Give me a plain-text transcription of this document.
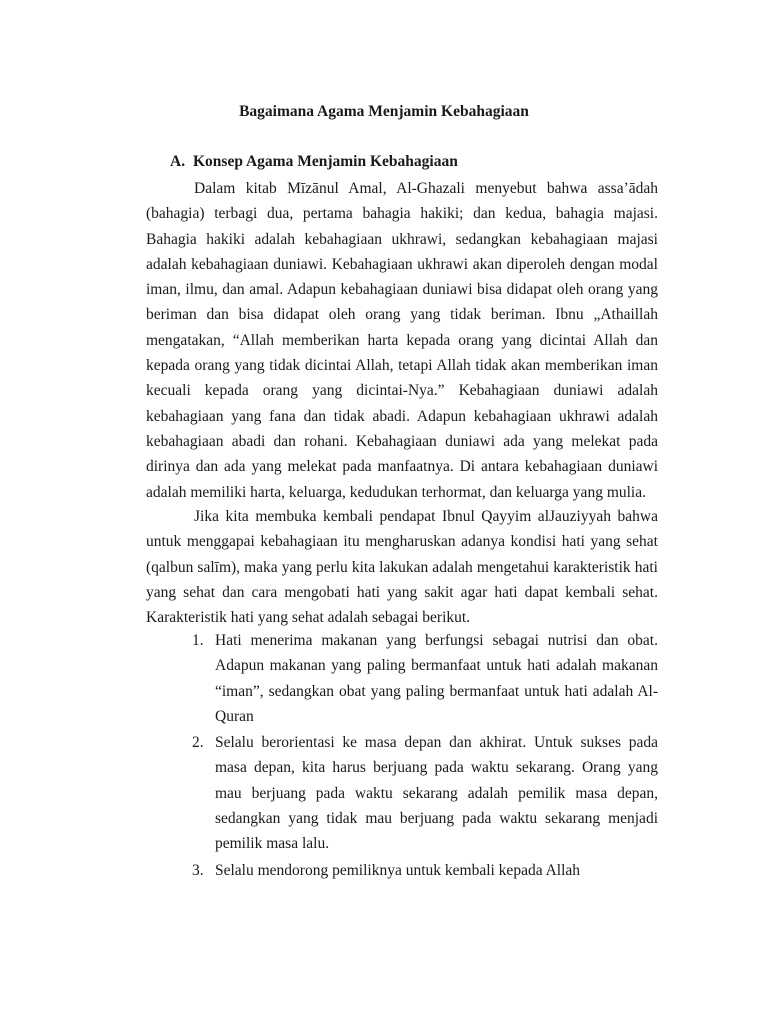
Bagaimana Agama Menjamin Kebahagiaan
A. Konsep Agama Menjamin Kebahagiaan

Dalam kitab Mīzānul Amal, Al-Ghazali menyebut bahwa assa’ādah (bahagia) terbagi dua, pertama bahagia hakiki; dan kedua, bahagia majasi. Bahagia hakiki adalah kebahagiaan ukhrawi, sedangkan kebahagiaan majasi adalah kebahagiaan duniawi. Kebahagiaan ukhrawi akan diperoleh dengan modal iman, ilmu, dan amal. Adapun kebahagiaan duniawi bisa didapat oleh orang yang beriman dan bisa didapat oleh orang yang tidak beriman. Ibnu „Athaillah mengatakan, “Allah memberikan harta kepada orang yang dicintai Allah dan kepada orang yang tidak dicintai Allah, tetapi Allah tidak akan memberikan iman kecuali kepada orang yang dicintai-Nya.” Kebahagiaan duniawi adalah kebahagiaan yang fana dan tidak abadi. Adapun kebahagiaan ukhrawi adalah kebahagiaan abadi dan rohani. Kebahagiaan duniawi ada yang melekat pada dirinya dan ada yang melekat pada manfaatnya. Di antara kebahagiaan duniawi adalah memiliki harta, keluarga, kedudukan terhormat, dan keluarga yang mulia.

Jika kita membuka kembali pendapat Ibnul Qayyim alJauziyyah bahwa untuk menggapai kebahagiaan itu mengharuskan adanya kondisi hati yang sehat (qalbun salīm), maka yang perlu kita lakukan adalah mengetahui karakteristik hati yang sehat dan cara mengobati hati yang sakit agar hati dapat kembali sehat. Karakteristik hati yang sehat adalah sebagai berikut.

1. Hati menerima makanan yang berfungsi sebagai nutrisi dan obat. Adapun makanan yang paling bermanfaat untuk hati adalah makanan “iman”, sedangkan obat yang paling bermanfaat untuk hati adalah Al-Quran
2. Selalu berorientasi ke masa depan dan akhirat. Untuk sukses pada masa depan, kita harus berjuang pada waktu sekarang. Orang yang mau berjuang pada waktu sekarang adalah pemilik masa depan, sedangkan yang tidak mau berjuang pada waktu sekarang menjadi pemilik masa lalu.
3. Selalu mendorong pemiliknya untuk kembali kepada Allah
